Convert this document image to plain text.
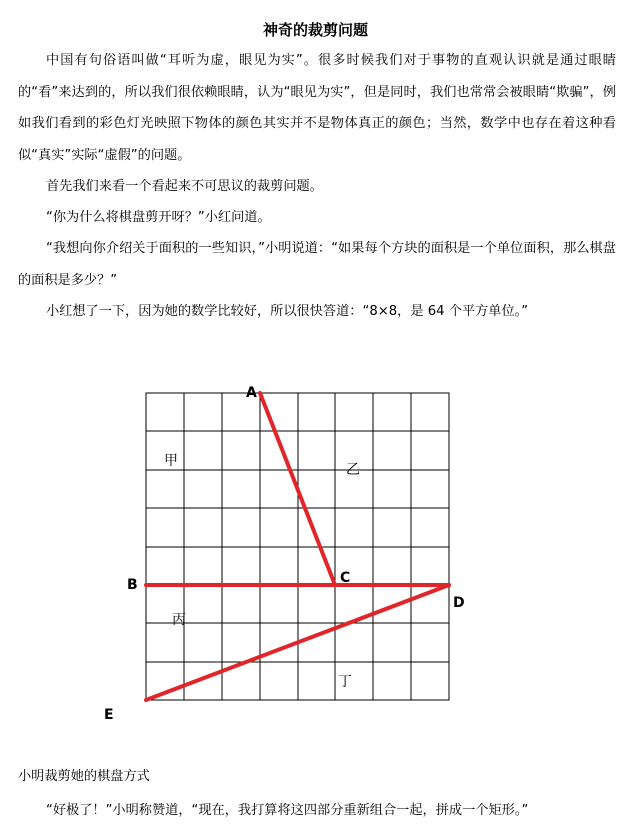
神奇的裁剪问题

中国有句俗语叫做“耳听为虚，眼见为实”。很多时候我们对于事物的直观认识就是通过眼睛的“看”来达到的，所以我们很依赖眼睛，认为“眼见为实”，但是同时，我们也常常会被眼睛“欺骗”，例如我们看到的彩色灯光映照下物体的颜色其实并不是物体真正的颜色；当然，数学中也存在着这种看似“真实”实际“虚假”的问题。

首先我们来看一个看起来不可思议的裁剪问题。

“你为什么将棋盘剪开呀？”小红问道。

“我想向你介绍关于面积的一些知识，”小明说道：“如果每个方块的面积是一个单位面积，那么棋盘的面积是多少？”

小红想了一下，因为她的数学比较好，所以很快答道：“8×8，是 64 个平方单位。”

A
B	C
D
E
甲
乙
丙
丁
小明裁剪她的棋盘方式

“好极了！”小明称赞道，“现在，我打算将这四部分重新组合一起，拼成一个矩形。”
